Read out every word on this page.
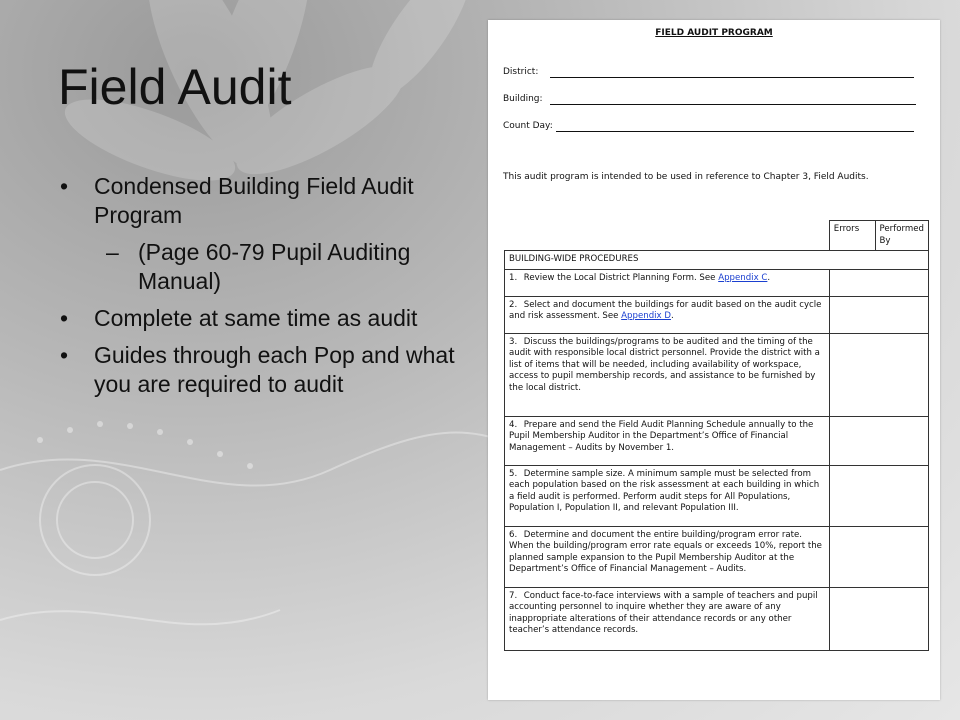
Field Audit
• Condensed Building Field Audit Program
– (Page 60-79 Pupil Auditing Manual)
• Complete at same time as audit
• Guides through each Pop and what you are required to audit
FIELD AUDIT PROGRAM
District:
Building:
Count Day:
This audit program is intended to be used in reference to Chapter 3, Field Audits.
	Errors	Performed By
BUILDING-WIDE PROCEDURES		
1. Review the Local District Planning Form. See Appendix C.		
2. Select and document the buildings for audit based on the audit cycle and risk assessment. See Appendix D.		
3. Discuss the buildings/programs to be audited and the timing of the audit with responsible local district personnel. Provide the district with a list of items that will be needed, including availability of workspace, access to pupil membership records, and assistance to be furnished by the local district.		
4. Prepare and send the Field Audit Planning Schedule annually to the Pupil Membership Auditor in the Department’s Office of Financial Management – Audits by November 1.		
5. Determine sample size. A minimum sample must be selected from each population based on the risk assessment at each building in which a field audit is performed. Perform audit steps for All Populations, Population I, Population II, and relevant Population III.		
6. Determine and document the entire building/program error rate. When the building/program error rate equals or exceeds 10%, report the planned sample expansion to the Pupil Membership Auditor at the Department’s Office of Financial Management – Audits.		
7. Conduct face-to-face interviews with a sample of teachers and pupil accounting personnel to inquire whether they are aware of any inappropriate alterations of their attendance records or any other teacher’s attendance records.		
